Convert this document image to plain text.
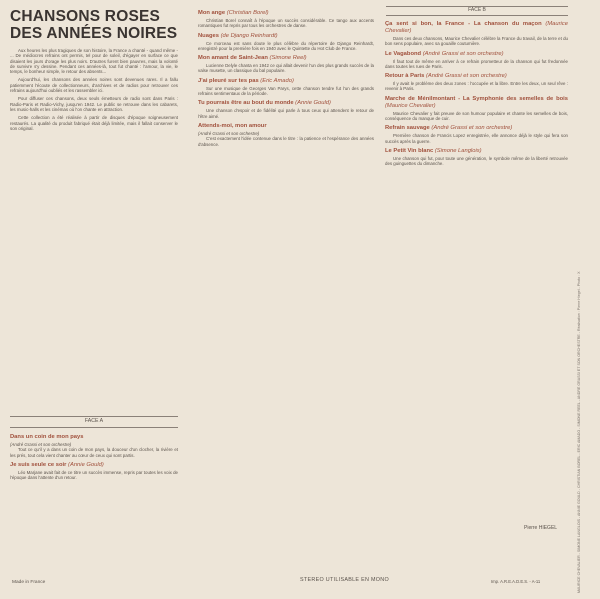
CHANSONS ROSES
DES ANNÉES NOIRES

Aux heures les plus tragiques de son histoire, la France a chanté - quand même - ... De médiocres refrains ont permis, tel pour de soleil, d'égayer en surface ce que disaient les jours d'orage les plus noirs. D'autres furent bien pauvres, mais la volonté de survivre s'y dessine. Pendant ces années-là, tout fut chanté : l'amour, la vie, le temps, le bonheur simple, le retour des absents...

Aujourd'hui, les chansons des années noires sont devenues rares. Il a fallu patiemment l'écoute de collectionneurs, d'archives et de radios pour retrouver ces refrains aujourd'hui oubliés et les rassembler ici.

Pour diffuser ces chansons, deux seuls émetteurs de radio sont dans Paris : Radio-Paris et Radio-Vichy, jusqu'en 1942. Le public se retrouve dans les cabarets, les music-halls et les cinémas où l'on chante en attraction.

Cette collection a été réalisée à partir de disques d'époque soigneusement restaurés. La qualité du produit fabriqué était déjà limitée, mais il fallait conserver le son original.

FACE A
Dans un coin de mon pays
(André Grassi et son orchestre)

Tout ce qu'il y a dans un coin de mon pays, la douceur d'un clocher, la rivière et les prés, tout cela vient chanter au cœur de ceux qui sont partis.

Je suis seule ce soir (Annie Gould)

Léo Marjane avait fait de ce titre un succès immense, repris par toutes les voix de l'époque dans l'attente d'un retour.

Mon ange (Christian Borel)

Christian Borel connaît à l'époque un succès considérable. Ce tango aux accents romantiques fut repris par tous les orchestres de danse.

Nuages (de Django Reinhardt)

Ce morceau est sans doute le plus célèbre du répertoire de Django Reinhardt, enregistré pour la première fois en 1940 avec le Quintette du Hot Club de France.

Mon amant de Saint-Jean (Simone Reel)

Lucienne Delyle chanta en 1942 ce qui allait devenir l'un des plus grands succès de la valse musette, un classique du bal populaire.

J'ai pleuré sur tes pas (Eric Amado)

Sur une musique de Georges Van Parys, cette chanson tendre fut l'un des grands refrains sentimentaux de la période.

Tu pourrais être au bout du monde (Annie Gould)

Une chanson d'espoir et de fidélité qui parle à tous ceux qui attendent le retour de l'être aimé.

Attends-moi, mon amour
(André Grassi et son orchestre)

C'est exactement l'idée contenue dans le titre : la patience et l'espérance des années d'absence.

FACE B
Ça sent si bon, la France - La chanson du maçon (Maurice Chevalier)

Dans ces deux chansons, Maurice Chevalier célèbre la France du travail, de la terre et du bon sens populaire, avec sa gouaille coutumière.

Le Vagabond (André Grassi et son orchestre)

Il faut tout de même en arriver à ce refrain prometteur de la chanson qui fut fredonnée dans toutes les rues de Paris.

Retour à Paris (André Grassi et son orchestre)

Il y avait le problème des deux zones : l'occupée et la libre. Entre les deux, un seul rêve : revenir à Paris.

Marche de Ménilmontant - La Symphonie des semelles de bois (Maurice Chevalier)

Maurice Chevalier y fait preuve de son humour populaire et chante les semelles de bois, conséquence du manque de cuir.

Refrain sauvage (André Grassi et son orchestre)

Première chanson de Francis Lopez enregistrée, elle annonce déjà le style qui fera son succès après la guerre.

Le Petit Vin blanc (Simone Langlois)

Une chanson qui fut, pour toute une génération, le symbole même de la liberté retrouvée des guinguettes du dimanche.

Pierre HIEGEL	MAURICE CHEVALIER - SIMONE LANGLOIS - ANNIE GOULD - CHRISTIAN BOREL - ERIC AMADO - SIMONE REEL - ANDRÉ GRASSI ET SON ORCHESTRE - Réalisation : Pierre Hiegel - Photo : X
Made in France	STEREO UTILISABLE EN MONO	Imp. A.R.E.A.D.E.S. - A-11
